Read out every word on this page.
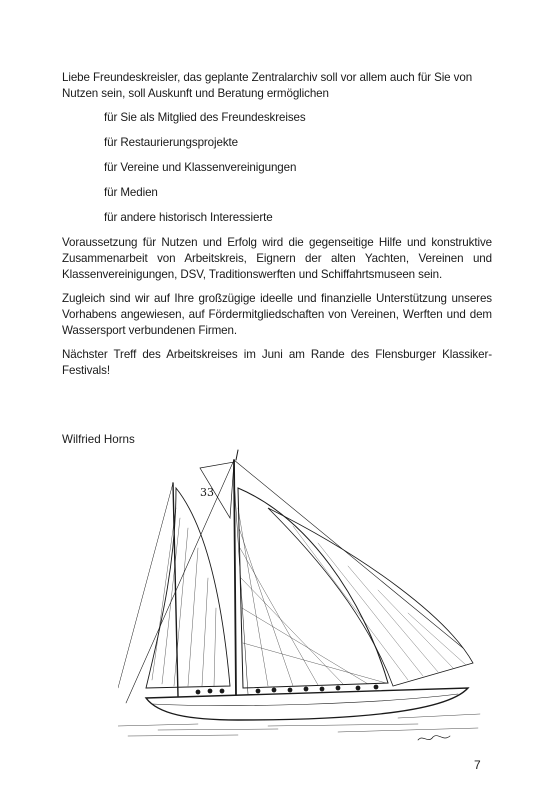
Liebe Freundeskreisler, das geplante Zentralarchiv soll vor allem auch für Sie von Nutzen sein, soll Auskunft und Beratung ermöglichen

für Sie als Mitglied des Freundeskreises
für Restaurierungsprojekte
für Vereine und Klassenvereinigungen
für Medien
für andere historisch Interessierte

Voraussetzung für Nutzen und Erfolg wird die gegenseitige Hilfe und konstruktive Zusammenarbeit von Arbeitskreis, Eignern der alten Yachten, Vereinen und Klassenvereinigungen, DSV, Traditionswerften und Schiffahrtsmuseen sein.

Zugleich sind wir auf Ihre großzügige ideelle und finanzielle Unterstützung unseres Vorhabens angewiesen, auf Fördermitgliedschaften von Vereinen, Werften und dem Wassersport verbundenen Firmen.

Nächster Treff des Arbeitskreises im Juni am Rande des Flensburger Klassiker-Festivals!

Wilfried Horns
33
7
